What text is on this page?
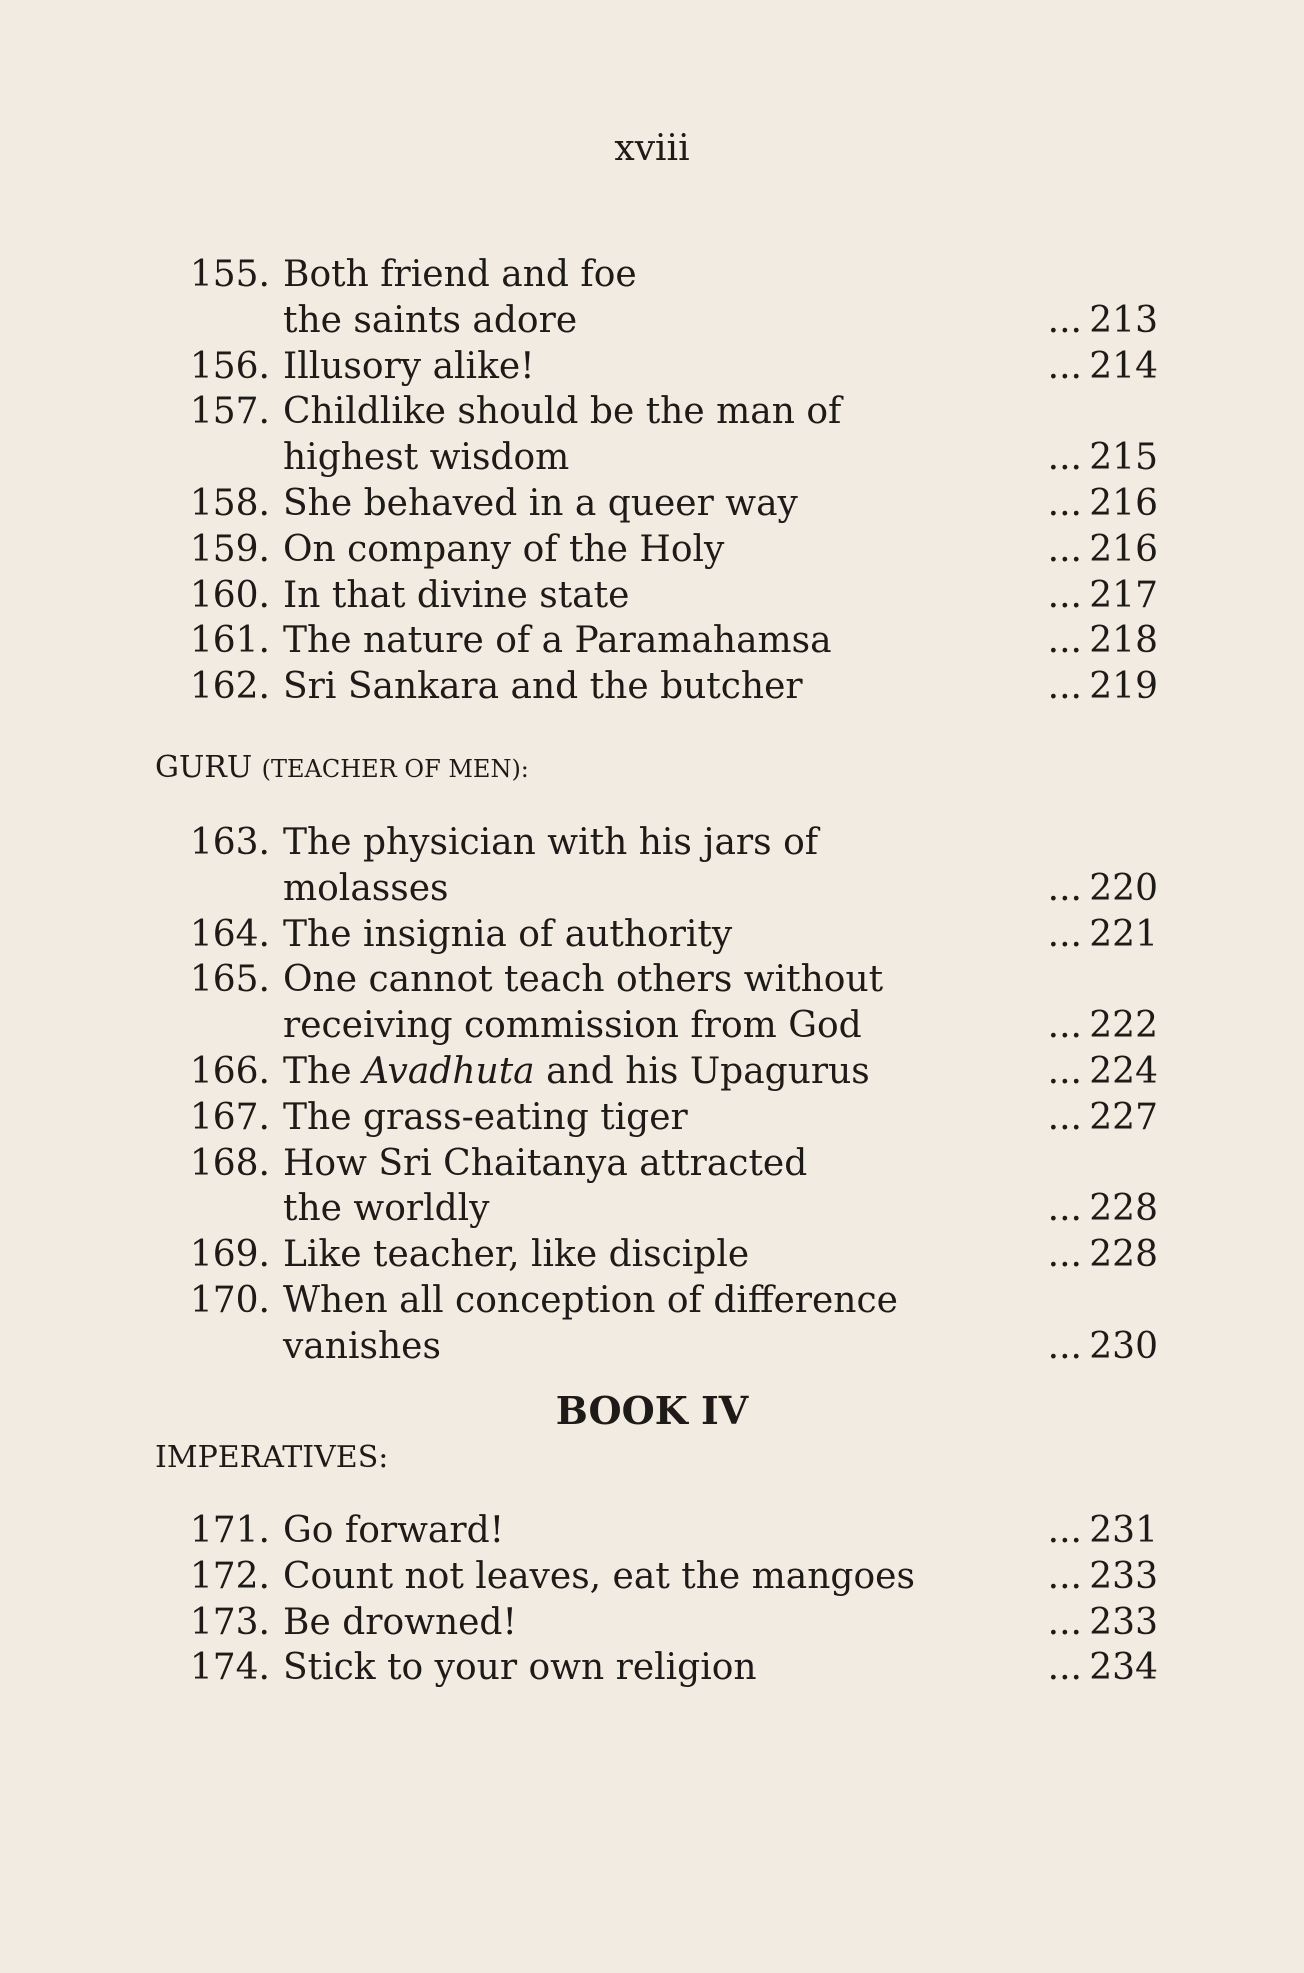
xviii
155. Both friend and foe
the saints adore	... 213
156. Illusory alike!	... 214
157. Childlike should be the man of
highest wisdom	... 215
158. She behaved in a queer way	... 216
159. On company of the Holy	... 216
160. In that divine state	... 217
161. The nature of a Paramahamsa	... 218
162. Sri Sankara and the butcher	... 219
GURU (TEACHER OF MEN):
163. The physician with his jars of
molasses	... 220
164. The insignia of authority	... 221
165. One cannot teach others without
receiving commission from God	... 222
166. The Avadhuta and his Upagurus	... 224
167. The grass-eating tiger	... 227
168. How Sri Chaitanya attracted
the worldly	... 228
169. Like teacher, like disciple	... 228
170. When all conception of difference
vanishes	... 230
BOOK IV
IMPERATIVES:
171. Go forward!	... 231
172. Count not leaves, eat the mangoes	... 233
173. Be drowned!	... 233
174. Stick to your own religion	... 234
